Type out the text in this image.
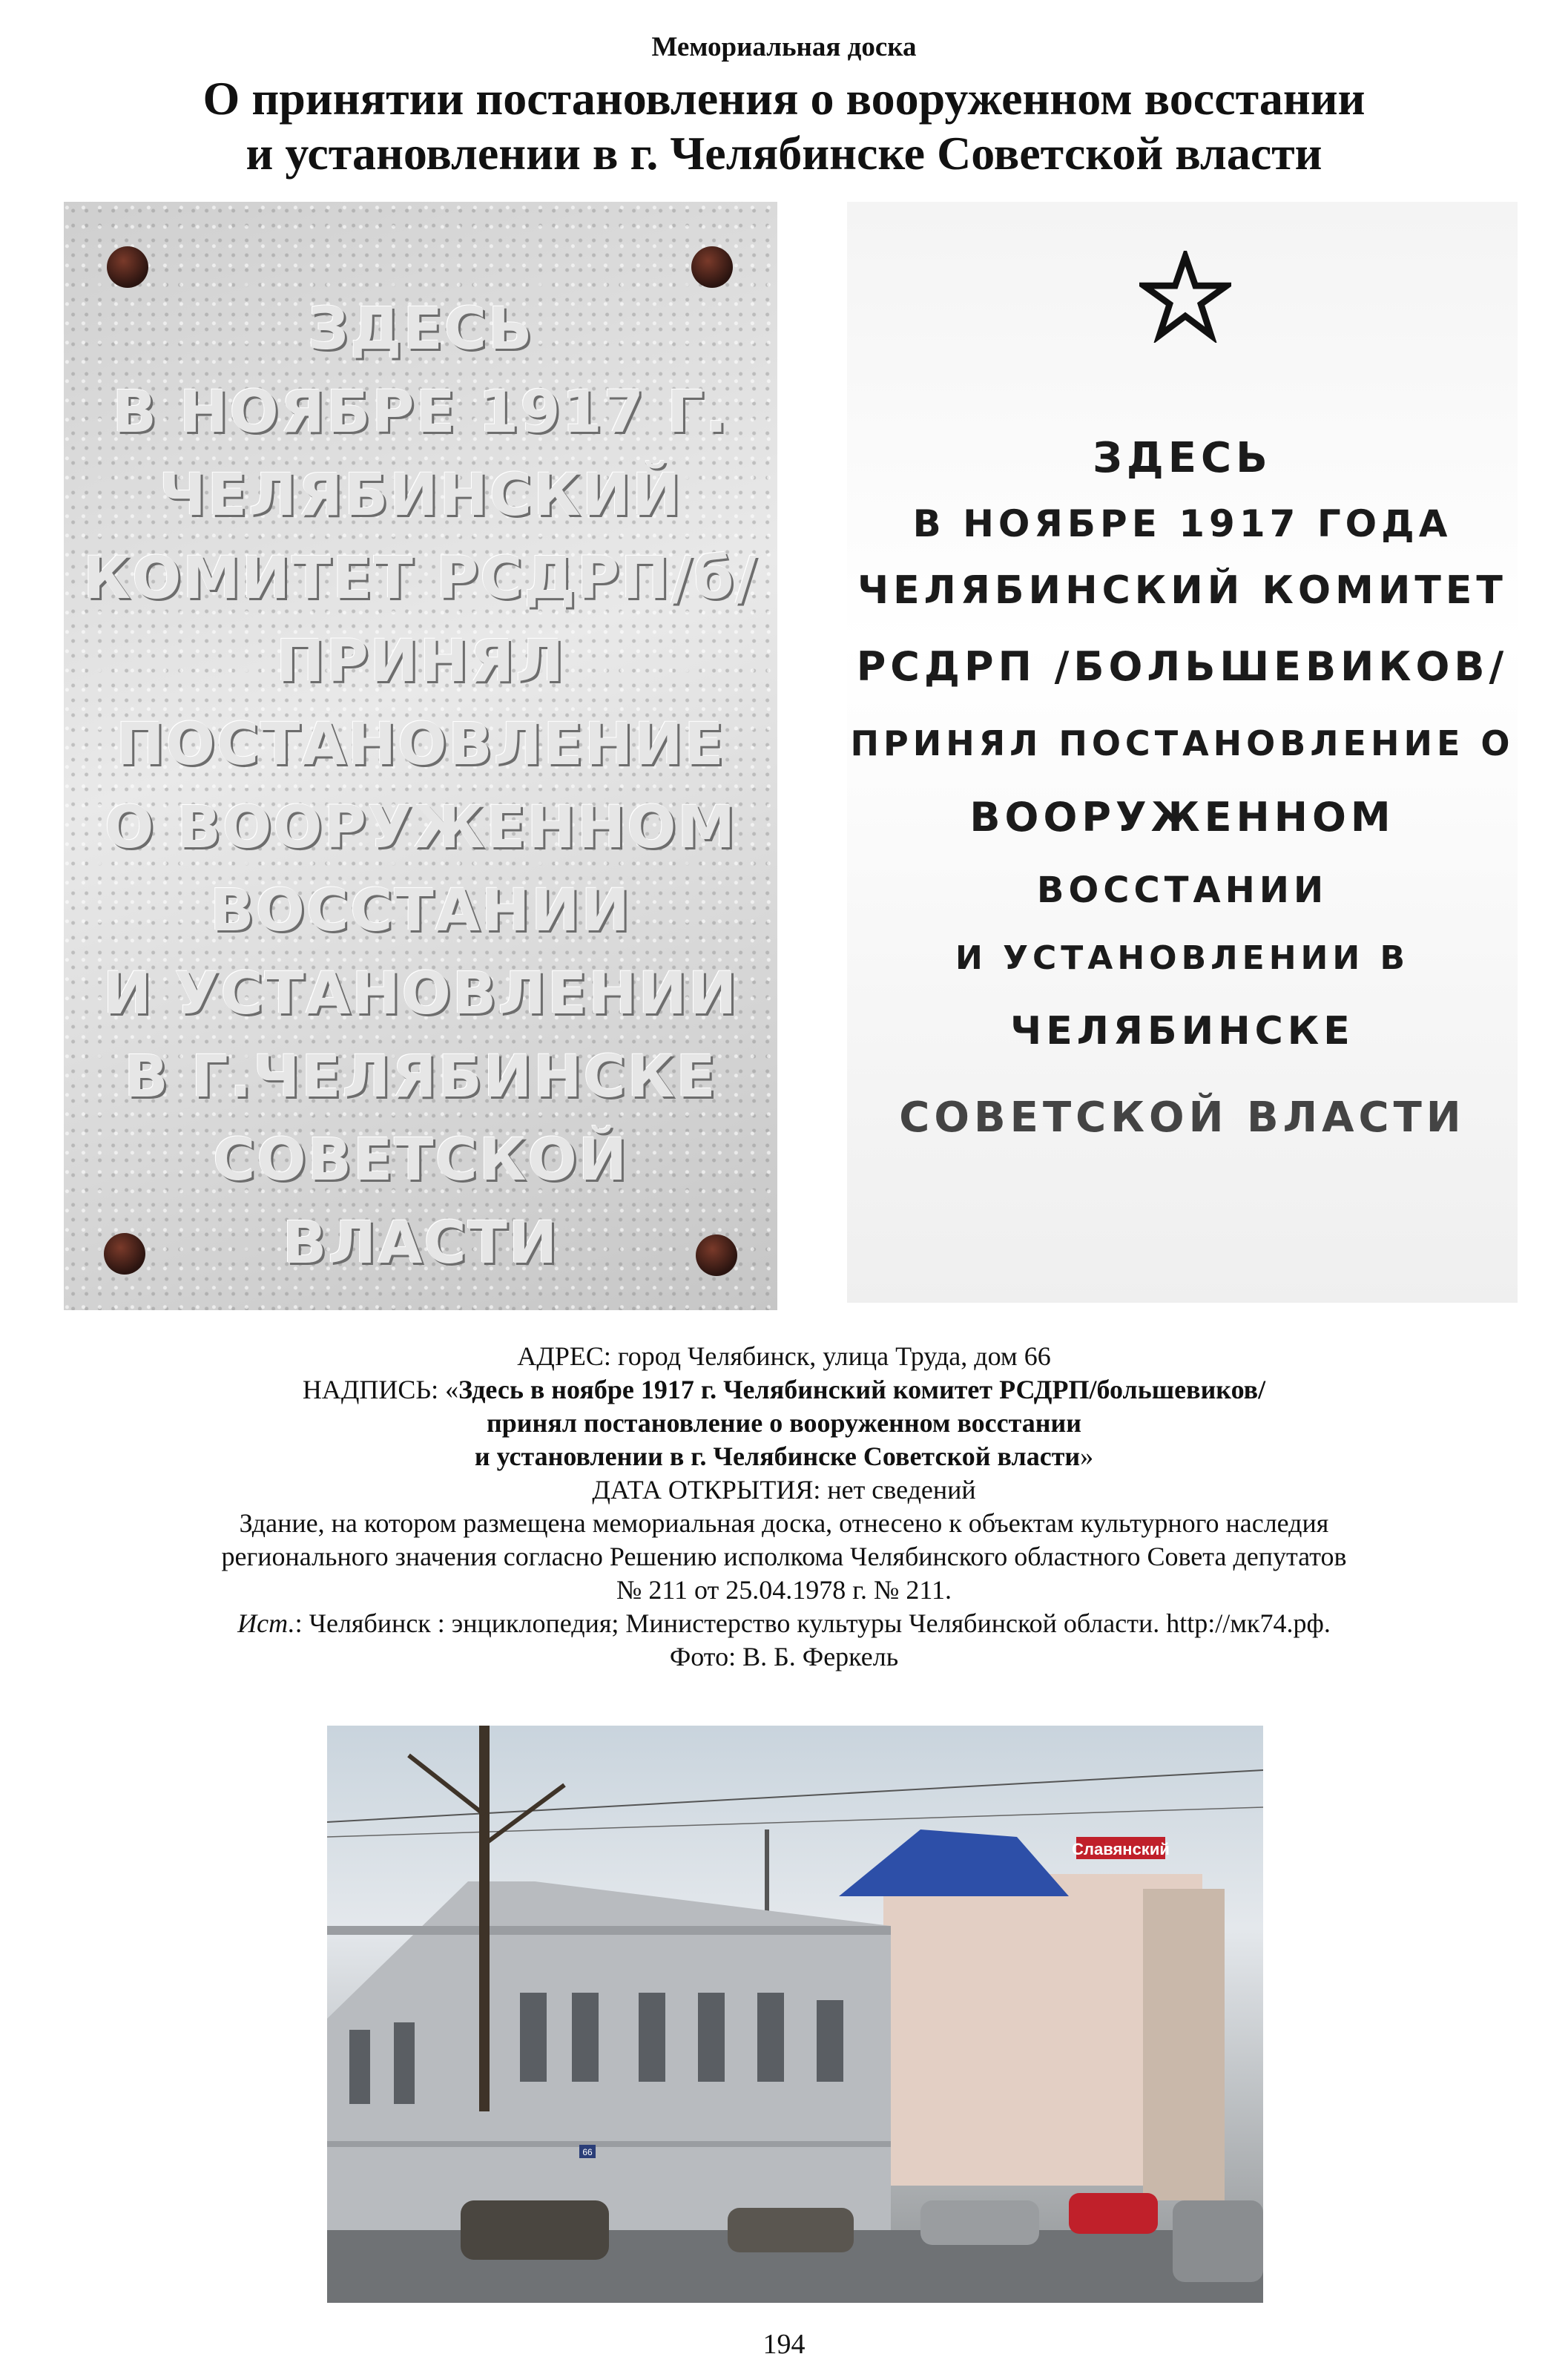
Мемориальная доска
О принятии постановления о вооруженном восстании
и установлении в г. Челябинске Советской власти
ЗДЕСЬ
В НОЯБРЕ 1917 Г.
ЧЕЛЯБИНСКИЙ
КОМИТЕТ РСДРП/б/
ПРИНЯЛ
ПОСТАНОВЛЕНИЕ
О ВООРУЖЕННОМ
ВОССТАНИИ
И УСТАНОВЛЕНИИ
В Г.ЧЕЛЯБИНСКЕ
СОВЕТСКОЙ
ВЛАСТИ
ЗДЕСЬ
В НОЯБРЕ 1917 ГОДА
ЧЕЛЯБИНСКИЙ КОМИТЕТ
РСДРП /БОЛЬШЕВИКОВ/
ПРИНЯЛ ПОСТАНОВЛЕНИЕ О
ВООРУЖЕННОМ
ВОССТАНИИ
И УСТАНОВЛЕНИИ В
ЧЕЛЯБИНСКЕ
СОВЕТСКОЙ ВЛАСТИ
АДРЕС: город Челябинск, улица Труда, дом 66
НАДПИСЬ: «Здесь в ноябре 1917 г. Челябинский комитет РСДРП/большевиков/
принял постановление о вооруженном восстании
и установлении в г. Челябинске Советской власти»
ДАТА ОТКРЫТИЯ: нет сведений
Здание, на котором размещена мемориальная доска, отнесено к объектам культурного наследия
регионального значения согласно Решению исполкома Челябинского областного Совета депутатов
№ 211 от 25.04.1978 г. № 211.
Ист.: Челябинск : энциклопедия; Министерство культуры Челябинской области. http://мк74.рф.
Фото: В. Б. Феркель
Славянский
66
194
